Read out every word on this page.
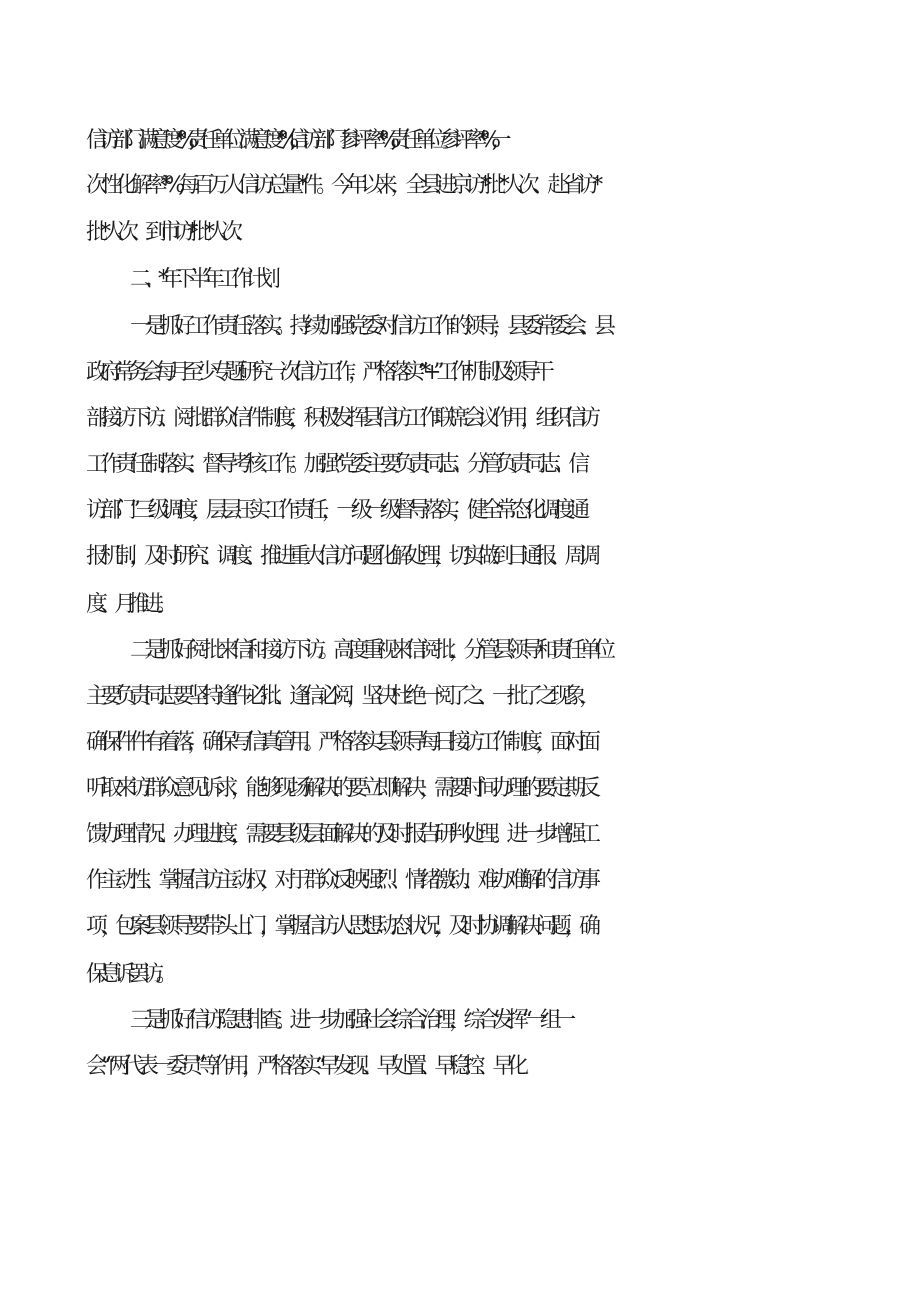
信访部门满意度*%,责任单位满意度*%,信访部门参评率*%,责任单位参评率*%,一
次性化解率*%,每百万人信访总量*件。今年以来，全县进京访*批*人次、赴省访*
批*人次、到市访*批*人次.
二、*年下半年工作计划
一是抓好工作责任落实。持续加强党委对信访工作的领导，县委常委会、县
政府常务会每月至少专题研究一次信访工作，严格落实“*+”工作机制及领导干
部接访下访、阅批群众信件制度，积极发挥县信访工作联席会议作用，组织信访
工作责任制落实、督导考核工作。加强“党委主要负责同志、分管负责同志、信
访部门”三级调度，层层压实工作责任，一级一级督导落实，健全常态化调度通
报机制，及时研究、调度、推进重大信访问题化解处理，切实做到日通报、周调
度、月推进。
二是抓好阅批来信和接访下访。高度重视来信阅批，分管县领导和责任单位
主要负责同志要坚持逢件必批、逢信必阅，坚决杜绝一阅了之、一批了之现象，
确保件件有着落，确保写信真管用。严格落实县领导每日接访工作制度，面对面
听取来访群众意见诉求，能够现场解决的要立即解决，需要时间办理的要定期反
馈办理情况、办理进度，需要县级层面解决的及时报告研判处理。进一步增强工
作主动性、掌握信访主动权，对于群众反映强烈、情绪激动、难办难解的信访事
项，包案县领导要带头上门，掌握信访人思想动态状况，及时协调解决问题，确
保息诉罢访。
三是抓好信访隐患排查。进一步加强社会综合治理，综合发挥“一组一
会”“两代表一委员”等作用，严格落实“早发现、早处置、早稳控、早化
